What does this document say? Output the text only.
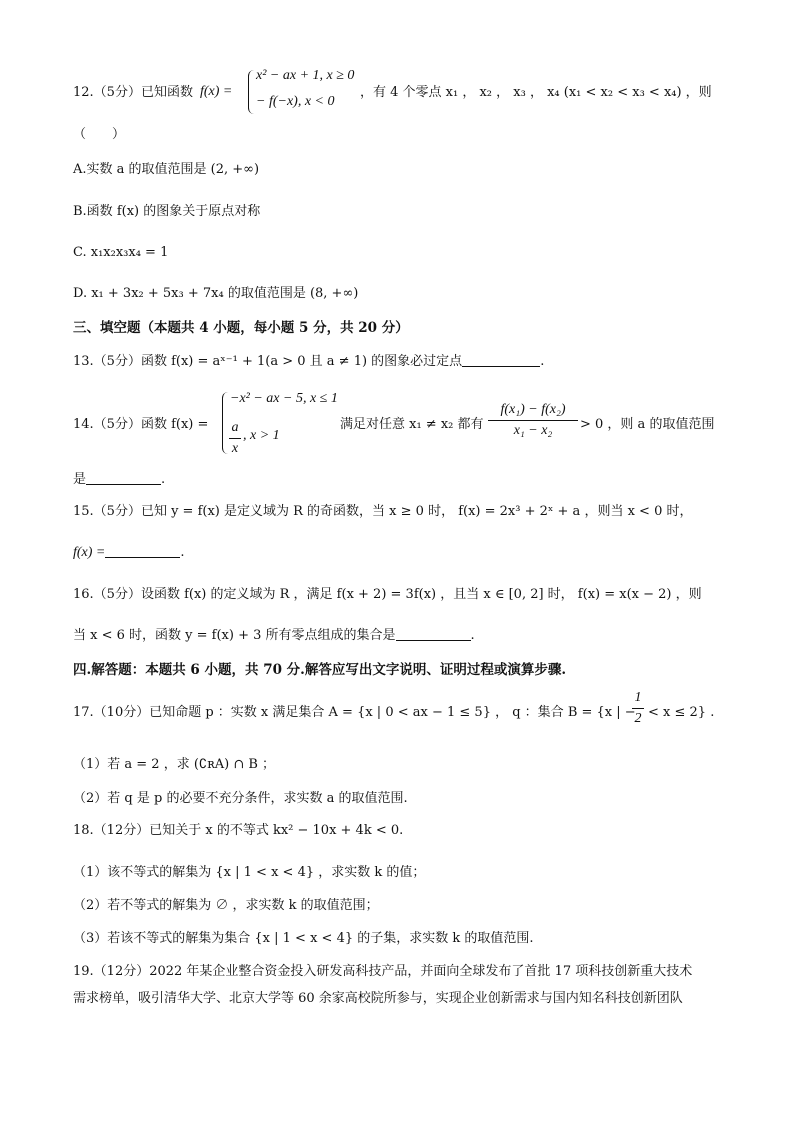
12.（5分）已知函数 f(x) =
x² − ax + 1, x ≥ 0
− f(−x), x < 0
，有 4 个零点 x₁ ， x₂ ， x₃ ， x₄ (x₁ < x₂ < x₃ < x₄) ，则
（　　）
A.实数 a 的取值范围是 (2, +∞)
B.函数 f(x) 的图象关于原点对称
C. x₁x₂x₃x₄ = 1
D. x₁ + 3x₂ + 5x₃ + 7x₄ 的取值范围是 (8, +∞)
三、填空题（本题共 4 小题，每小题 5 分，共 20 分）
13.（5分）函数 f(x) = aˣ⁻¹ + 1(a > 0 且 a ≠ 1) 的图象必过定点	.
14.（5分）函数 f(x) =
−x² − ax − 5, x ≤ 1
a
x
, x > 1
满足对任意 x₁ ≠ x₂ 都有
f(x₁) − f(x₂)
x₁ − x₂	> 0 ，则 a 的取值范围
是	.
15.（5分）已知 y = f(x) 是定义域为 R 的奇函数，当 x ≥ 0 时， f(x) = 2x³ + 2ˣ + a ，则当 x < 0 时，
f(x) =	.
16.（5分）设函数 f(x) 的定义域为 R ，满足 f(x + 2) = 3f(x) ，且当 x ∈ [0, 2] 时， f(x) = x(x − 2) ，则
当 x < 6 时，函数 y = f(x) + 3 所有零点组成的集合是	.
四.解答题：本题共 6 小题，共 70 分.解答应写出文字说明、证明过程或演算步骤.
17.（10分）已知命题 p ：实数 x 满足集合 A = {x | 0 < ax − 1 ≤ 5} ， q ：集合 B = {x | −
1
2 < x ≤ 2} .
（1）若 a = 2 ，求 (∁ʀA) ∩ B ；
（2）若 q 是 p 的必要不充分条件，求实数 a 的取值范围.
18.（12分）已知关于 x 的不等式 kx² − 10x + 4k < 0.
（1）该不等式的解集为 {x | 1 < x < 4} ，求实数 k 的值；
（2）若不等式的解集为 ∅ ，求实数 k 的取值范围；
（3）若该不等式的解集为集合 {x | 1 < x < 4} 的子集，求实数 k 的取值范围.
19.（12分）2022 年某企业整合资金投入研发高科技产品，并面向全球发布了首批 17 项科技创新重大技术
需求榜单，吸引清华大学、北京大学等 60 余家高校院所参与，实现企业创新需求与国内知名科技创新团队
